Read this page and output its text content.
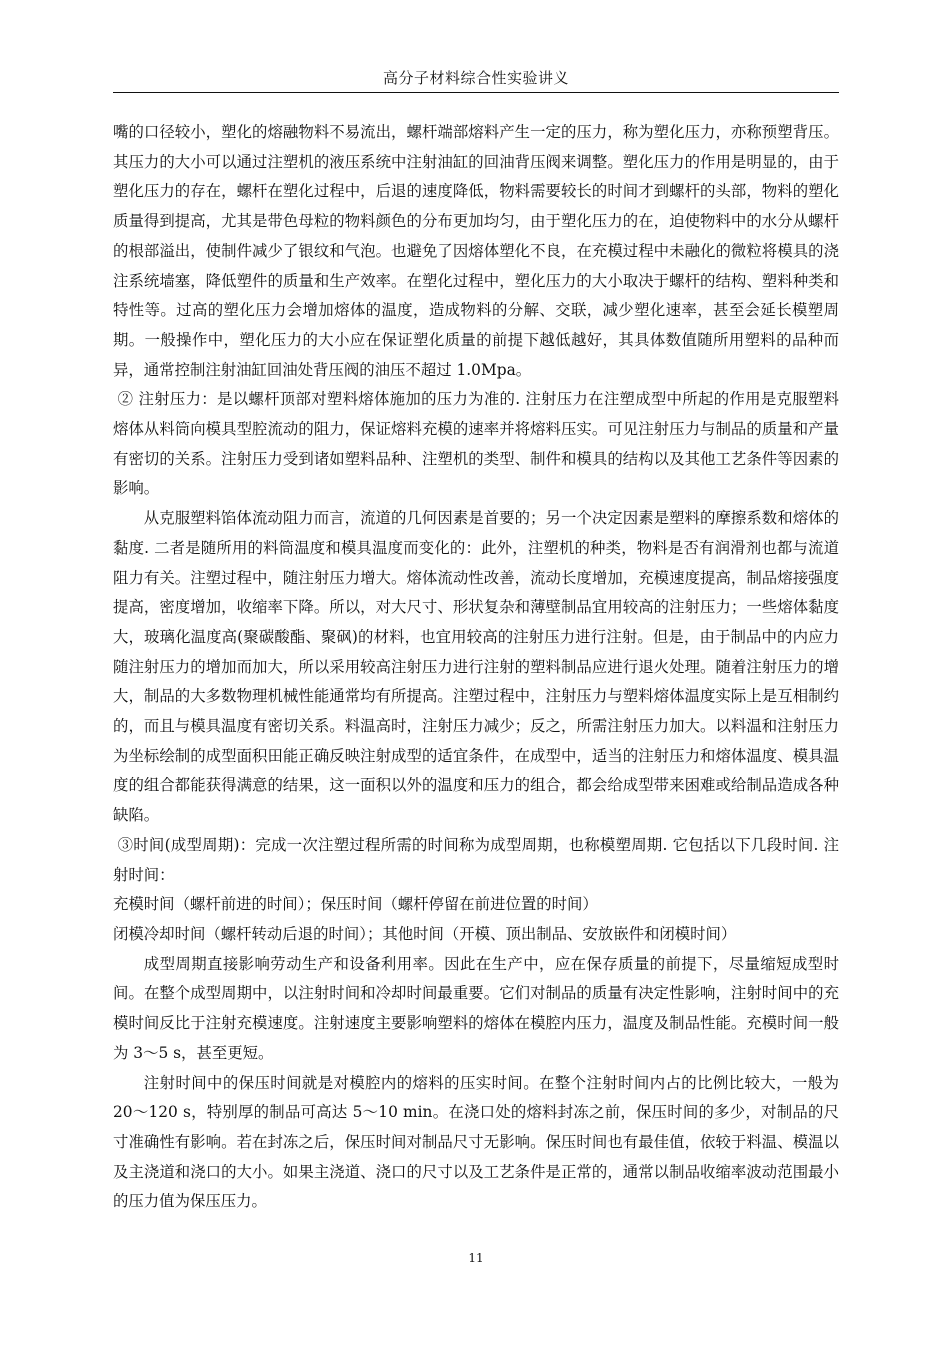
高分子材料综合性实验讲义

嘴的口径较小，塑化的熔融物料不易流出，螺杆端部熔料产生一定的压力，称为塑化压力，亦称预塑背压。其压力的大小可以通过注塑机的液压系统中注射油缸的回油背压阀来调整。塑化压力的作用是明显的，由于塑化压力的存在，螺杆在塑化过程中，后退的速度降低，物料需要较长的时间才到螺杆的头部，物料的塑化质量得到提高，尤其是带色母粒的物料颜色的分布更加均匀，由于塑化压力的在，迫使物料中的水分从螺杆的根部溢出，使制件减少了银纹和气泡。也避免了因熔体塑化不良，在充模过程中未融化的微粒将模具的浇注系统墙塞，降低塑件的质量和生产效率。在塑化过程中，塑化压力的大小取决于螺杆的结构、塑料种类和特性等。过高的塑化压力会增加熔体的温度，造成物料的分解、交联，减少塑化速率，甚至会延长模塑周期。一般操作中，塑化压力的大小应在保证塑化质量的前提下越低越好，其具体数值随所用塑料的品种而异，通常控制注射油缸回油处背压阀的油压不超过 1.0Mpa。

② 注射压力：是以螺杆顶部对塑料熔体施加的压力为准的. 注射压力在注塑成型中所起的作用是克服塑料熔体从料筒向模具型腔流动的阻力，保证熔料充模的速率并将熔料压实。可见注射压力与制品的质量和产量有密切的关系。注射压力受到诸如塑料品种、注塑机的类型、制件和模具的结构以及其他工艺条件等因素的影响。

从克服塑料馅体流动阻力而言，流道的几何因素是首要的；另一个决定因素是塑料的摩擦系数和熔体的黏度. 二者是随所用的料筒温度和模具温度而变化的：此外，注塑机的种类，物料是否有润滑剂也都与流道阻力有关。注塑过程中，随注射压力增大。熔体流动性改善，流动长度增加，充模速度提高，制品熔接强度提高，密度增加，收缩率下降。所以，对大尺寸、形状复杂和薄壁制品宜用较高的注射压力；一些熔体黏度大，玻璃化温度高(聚碳酸酯、聚砜)的材料，也宜用较高的注射压力进行注射。但是，由于制品中的内应力随注射压力的增加而加大，所以采用较高注射压力进行注射的塑料制品应进行退火处理。随着注射压力的增大，制品的大多数物理机械性能通常均有所提高。注塑过程中，注射压力与塑料熔体温度实际上是互相制约的，而且与模具温度有密切关系。料温高时，注射压力减少；反之，所需注射压力加大。以料温和注射压力为坐标绘制的成型面积田能正确反映注射成型的适宜条件，在成型中，适当的注射压力和熔体温度、模具温度的组合都能获得满意的结果，这一面积以外的温度和压力的组合，都会给成型带来困难或给制品造成各种缺陷。

③时间(成型周期)：完成一次注塑过程所需的时间称为成型周期，也称模塑周期. 它包括以下几段时间. 注射时间：

充模时间（螺杆前进的时间）；保压时间（螺杆停留在前进位置的时间）

闭模冷却时间（螺杆转动后退的时间）；其他时间（开模、顶出制品、安放嵌件和闭模时间）

成型周期直接影响劳动生产和设备利用率。因此在生产中，应在保存质量的前提下，尽量缩短成型时间。在整个成型周期中，以注射时间和冷却时间最重要。它们对制品的质量有决定性影响，注射时间中的充模时间反比于注射充模速度。注射速度主要影响塑料的熔体在模腔内压力，温度及制品性能。充模时间一般为 3～5 s，甚至更短。

注射时间中的保压时间就是对模腔内的熔料的压实时间。在整个注射时间内占的比例比较大，一般为 20～120 s，特别厚的制品可高达 5～10 min。在浇口处的熔料封冻之前，保压时间的多少，对制品的尺寸准确性有影响。若在封冻之后，保压时间对制品尺寸无影响。保压时间也有最佳值，依较于料温、模温以及主浇道和浇口的大小。如果主浇道、浇口的尺寸以及工艺条件是正常的，通常以制品收缩率波动范围最小的压力值为保压压力。

11
